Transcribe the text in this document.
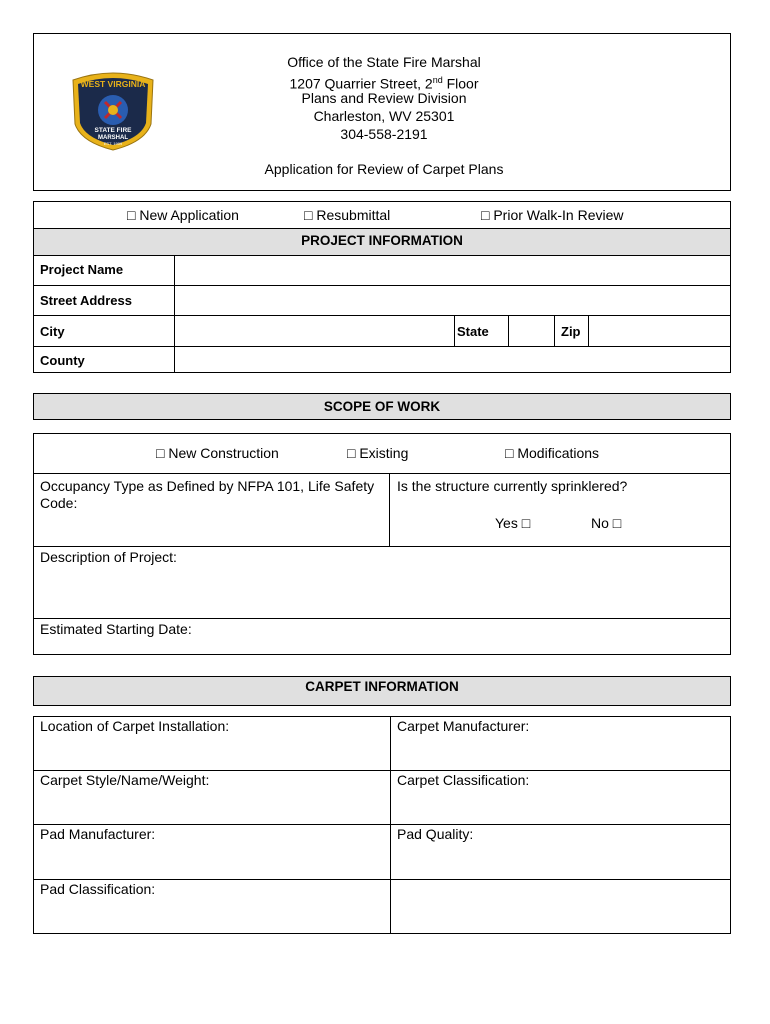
WEST VIRGINIA
STATE FIRE
MARSHAL
EST. 1909
Office of the State Fire Marshal
1207 Quarrier Street, 2nd Floor
Plans and Review Division
Charleston, WV 25301
304-558-2191
Application for Review of Carpet Plans
□ New Application	□ Resubmittal	□ Prior Walk-In Review
PROJECT INFORMATION
Project Name
Street Address
City	State	Zip
County
SCOPE OF WORK
□ New Construction	□ Existing	□ Modifications
Occupancy Type as Defined by NFPA 101, Life Safety Code:
Is the structure currently sprinklered?
Yes □	No □
Description of Project:
Estimated Starting Date:
CARPET INFORMATION
Location of Carpet Installation:	Carpet Manufacturer:
Carpet Style/Name/Weight:	Carpet Classification:
Pad Manufacturer:	Pad Quality:
Pad Classification:
